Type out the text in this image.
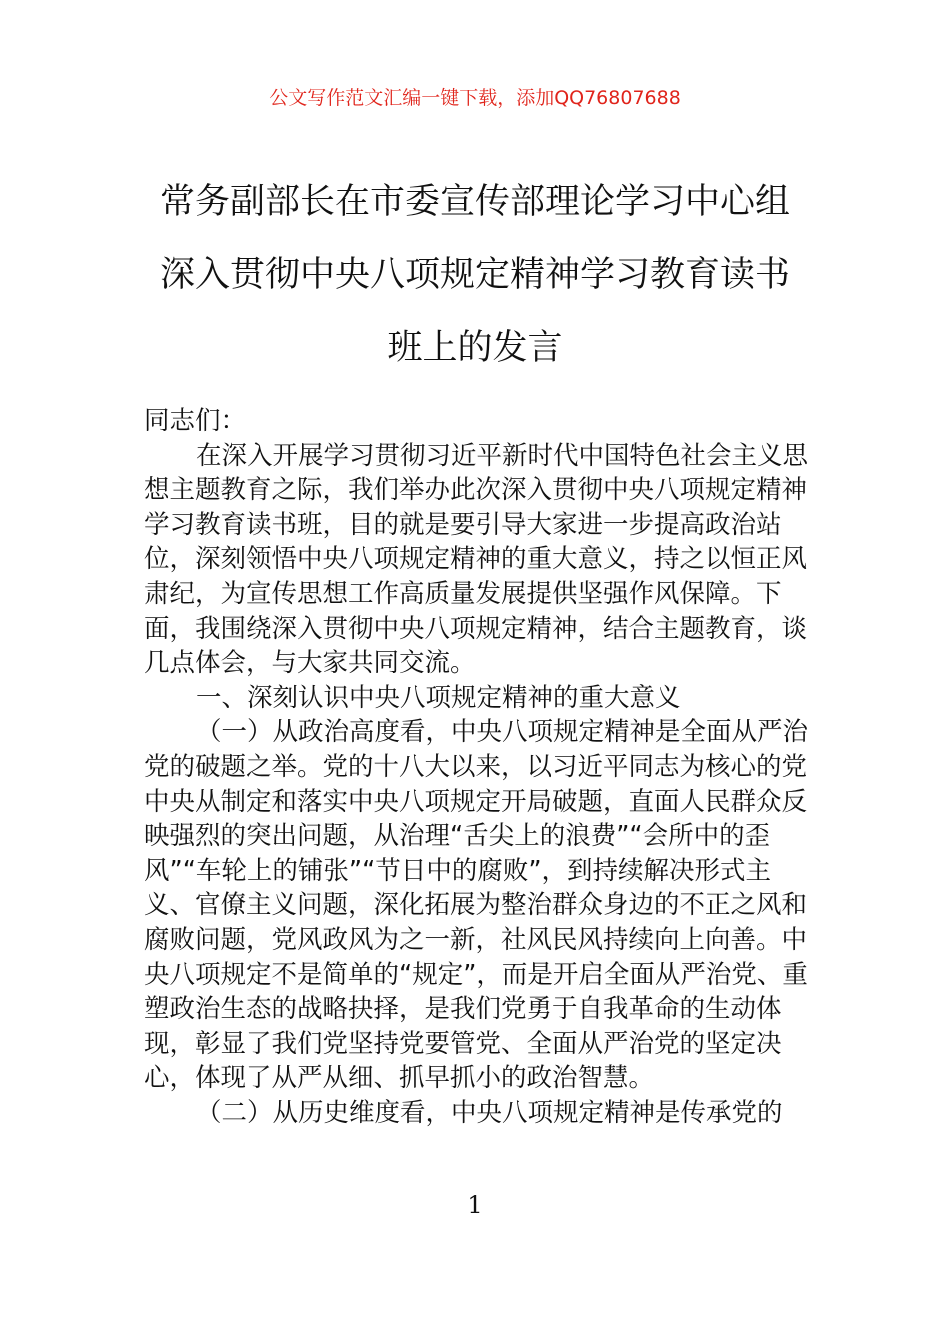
公文写作范文汇编一键下载，添加QQ76807688
常务副部长在市委宣传部理论学习中心组
深入贯彻中央八项规定精神学习教育读书
班上的发言

同志们：

在深入开展学习贯彻习近平新时代中国特色社会主义思想主题教育之际，我们举办此次深入贯彻中央八项规定精神学习教育读书班，目的就是要引导大家进一步提高政治站位，深刻领悟中央八项规定精神的重大意义，持之以恒正风肃纪，为宣传思想工作高质量发展提供坚强作风保障。下面，我围绕深入贯彻中央八项规定精神，结合主题教育，谈几点体会，与大家共同交流。

一、深刻认识中央八项规定精神的重大意义

（一）从政治高度看，中央八项规定精神是全面从严治党的破题之举。党的十八大以来，以习近平同志为核心的党中央从制定和落实中央八项规定开局破题，直面人民群众反映强烈的突出问题，从治理“舌尖上的浪费”“会所中的歪风”“车轮上的铺张”“节日中的腐败”，到持续解决形式主义、官僚主义问题，深化拓展为整治群众身边的不正之风和腐败问题，党风政风为之一新，社风民风持续向上向善。中央八项规定不是简单的“规定”，而是开启全面从严治党、重塑政治生态的战略抉择，是我们党勇于自我革命的生动体现，彰显了我们党坚持党要管党、全面从严治党的坚定决心，体现了从严从细、抓早抓小的政治智慧。

（二）从历史维度看，中央八项规定精神是传承党的

1
